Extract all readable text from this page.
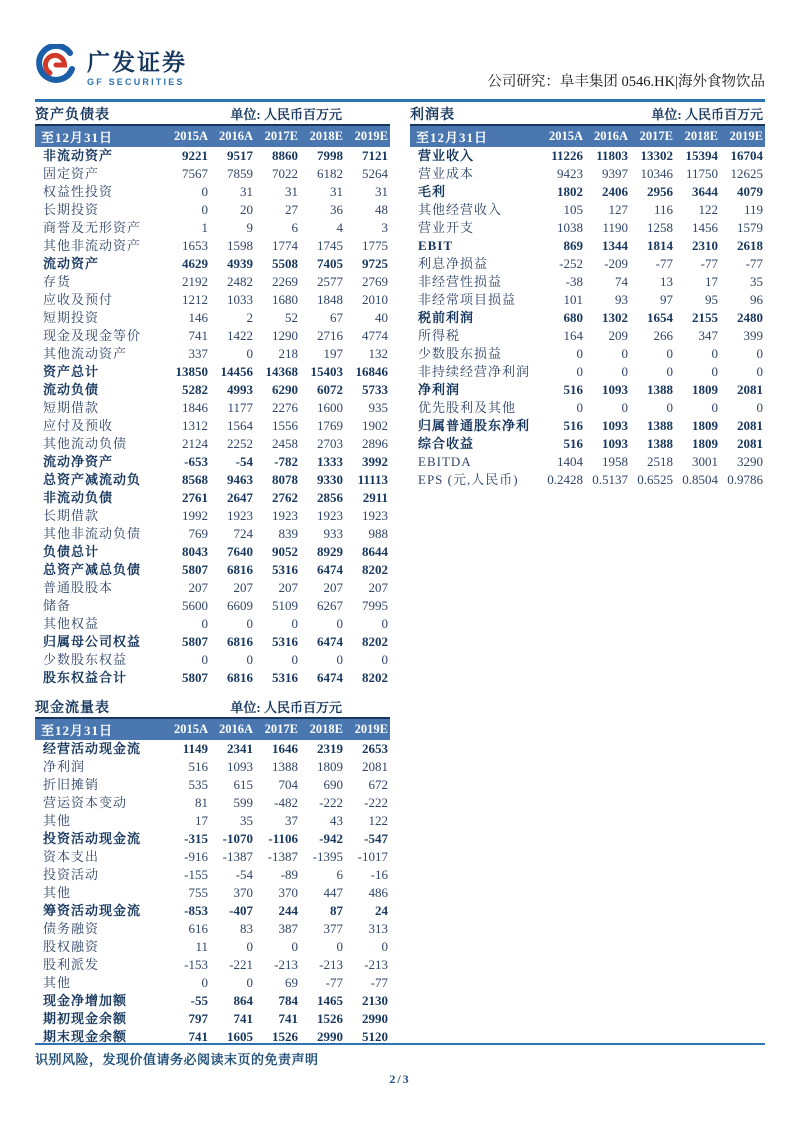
广发证券
GF SECURITIES	公司研究：阜丰集团 0546.HK|海外食物饮品
资产负债表	单位: 人民币百万元
至12月31日	2015A	2016A	2017E	2018E	2019E
非流动资产	9221	9517	8860	7998	7121
固定资产	7567	7859	7022	6182	5264
权益性投资	0	31	31	31	31
长期投资	0	20	27	36	48
商誉及无形资产	1	9	6	4	3
其他非流动资产	1653	1598	1774	1745	1775
流动资产	4629	4939	5508	7405	9725
存货	2192	2482	2269	2577	2769
应收及预付	1212	1033	1680	1848	2010
短期投资	146	2	52	67	40
现金及现金等价	741	1422	1290	2716	4774
其他流动资产	337	0	218	197	132
资产总计	13850	14456	14368	15403	16846
流动负债	5282	4993	6290	6072	5733
短期借款	1846	1177	2276	1600	935
应付及预收	1312	1564	1556	1769	1902
其他流动负债	2124	2252	2458	2703	2896
流动净资产	-653	-54	-782	1333	3992
总资产减流动负	8568	9463	8078	9330	11113
非流动负债	2761	2647	2762	2856	2911
长期借款	1992	1923	1923	1923	1923
其他非流动负债	769	724	839	933	988
负债总计	8043	7640	9052	8929	8644
总资产减总负债	5807	6816	5316	6474	8202
普通股股本	207	207	207	207	207
储备	5600	6609	5109	6267	7995
其他权益	0	0	0	0	0
归属母公司权益	5807	6816	5316	6474	8202
少数股东权益	0	0	0	0	0
股东权益合计	5807	6816	5316	6474	8202
现金流量表	单位: 人民币百万元
至12月31日	2015A	2016A	2017E	2018E	2019E
经营活动现金流	1149	2341	1646	2319	2653
净利润	516	1093	1388	1809	2081
折旧摊销	535	615	704	690	672
营运资本变动	81	599	-482	-222	-222
其他	17	35	37	43	122
投资活动现金流	-315	-1070	-1106	-942	-547
资本支出	-916	-1387	-1387	-1395	-1017
投资活动	-155	-54	-89	6	-16
其他	755	370	370	447	486
筹资活动现金流	-853	-407	244	87	24
债务融资	616	83	387	377	313
股权融资	11	0	0	0	0
股利派发	-153	-221	-213	-213	-213
其他	0	0	69	-77	-77
现金净增加额	-55	864	784	1465	2130
期初现金余额	797	741	741	1526	2990
期末现金余额	741	1605	1526	2990	5120
利润表	单位: 人民币百万元
至12月31日	2015A	2016A	2017E	2018E	2019E
营业收入	11226	11803	13302	15394	16704
营业成本	9423	9397	10346	11750	12625
毛利	1802	2406	2956	3644	4079
其他经营收入	105	127	116	122	119
营业开支	1038	1190	1258	1456	1579
EBIT	869	1344	1814	2310	2618
利息净损益	-252	-209	-77	-77	-77
非经营性损益	-38	74	13	17	35
非经常项目损益	101	93	97	95	96
税前利润	680	1302	1654	2155	2480
所得税	164	209	266	347	399
少数股东损益	0	0	0	0	0
非持续经营净利润	0	0	0	0	0
净利润	516	1093	1388	1809	2081
优先股利及其他	0	0	0	0	0
归属普通股东净利	516	1093	1388	1809	2081
综合收益	516	1093	1388	1809	2081
EBITDA	1404	1958	2518	3001	3290
EPS (元,人民币)	0.2428	0.5137	0.6525	0.8504	0.9786
识别风险，发现价值请务必阅读末页的免责声明
2/3
